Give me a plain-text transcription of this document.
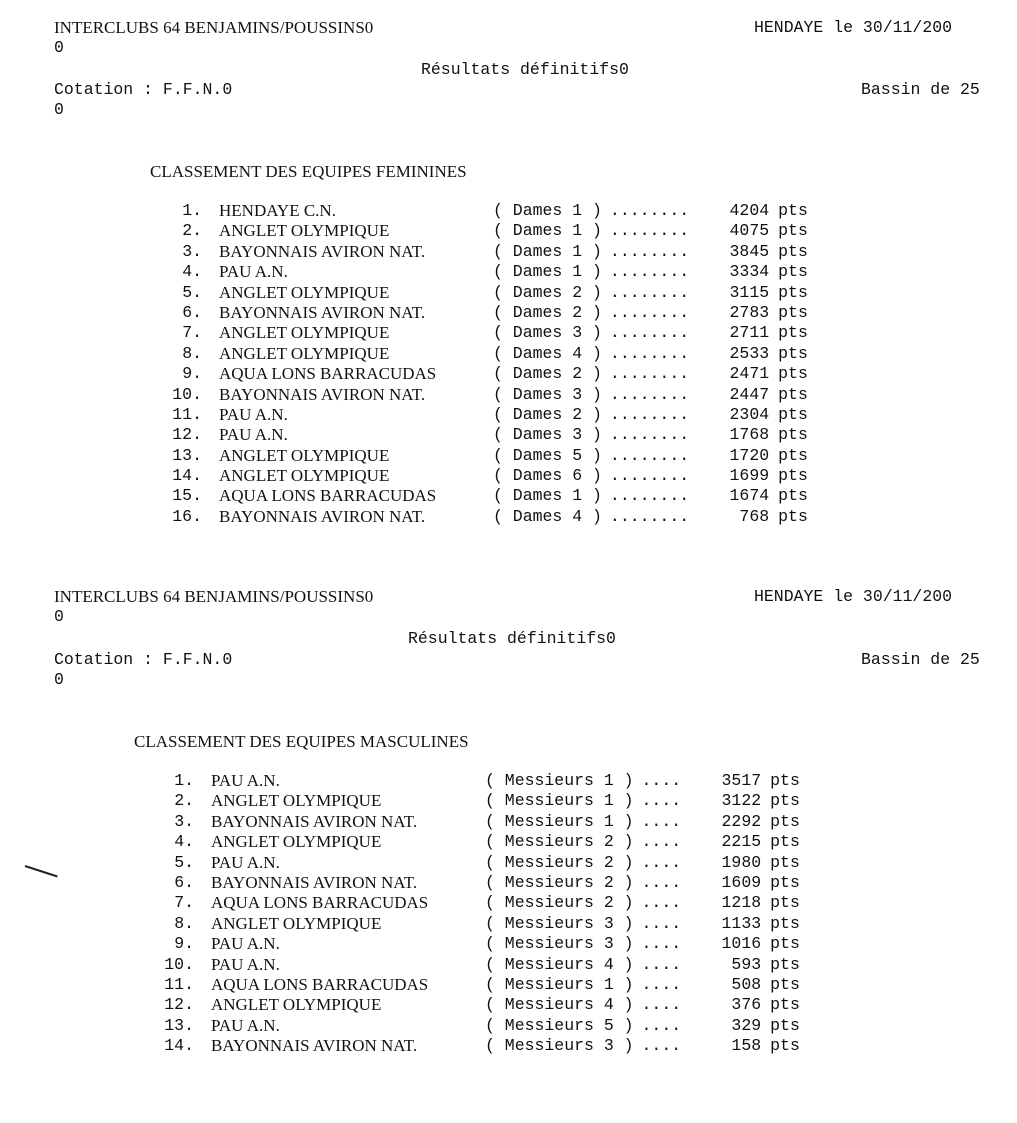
INTERCLUBS 64 BENJAMINS/POUSSINS0	HENDAYE le 30/11/200
0
Résultats définitifs0
Cotation : F.F.N.0	Bassin de 25
0
CLASSEMENT DES EQUIPES FEMININES
1.		HENDAYE C.N.	( Dames 1 )	........	4204	pts
2.		ANGLET OLYMPIQUE	( Dames 1 )	........	4075	pts
3.		BAYONNAIS AVIRON NAT.	( Dames 1 )	........	3845	pts
4.		PAU A.N.	( Dames 1 )	........	3334	pts
5.		ANGLET OLYMPIQUE	( Dames 2 )	........	3115	pts
6.		BAYONNAIS AVIRON NAT.	( Dames 2 )	........	2783	pts
7.		ANGLET OLYMPIQUE	( Dames 3 )	........	2711	pts
8.		ANGLET OLYMPIQUE	( Dames 4 )	........	2533	pts
9.		AQUA LONS BARRACUDAS	( Dames 2 )	........	2471	pts
10.		BAYONNAIS AVIRON NAT.	( Dames 3 )	........	2447	pts
11.		PAU A.N.	( Dames 2 )	........	2304	pts
12.		PAU A.N.	( Dames 3 )	........	1768	pts
13.		ANGLET OLYMPIQUE	( Dames 5 )	........	1720	pts
14.		ANGLET OLYMPIQUE	( Dames 6 )	........	1699	pts
15.		AQUA LONS BARRACUDAS	( Dames 1 )	........	1674	pts
16.		BAYONNAIS AVIRON NAT.	( Dames 4 )	........	768	pts
INTERCLUBS 64 BENJAMINS/POUSSINS0	HENDAYE le 30/11/200
0
Résultats définitifs0
Cotation : F.F.N.0	Bassin de 25
0
CLASSEMENT DES EQUIPES MASCULINES
1.		PAU A.N.	( Messieurs 1 )	....	3517	pts
2.		ANGLET OLYMPIQUE	( Messieurs 1 )	....	3122	pts
3.		BAYONNAIS AVIRON NAT.	( Messieurs 1 )	....	2292	pts
4.		ANGLET OLYMPIQUE	( Messieurs 2 )	....	2215	pts
5.		PAU A.N.	( Messieurs 2 )	....	1980	pts
6.		BAYONNAIS AVIRON NAT.	( Messieurs 2 )	....	1609	pts
7.		AQUA LONS BARRACUDAS	( Messieurs 2 )	....	1218	pts
8.		ANGLET OLYMPIQUE	( Messieurs 3 )	....	1133	pts
9.		PAU A.N.	( Messieurs 3 )	....	1016	pts
10.		PAU A.N.	( Messieurs 4 )	....	593	pts
11.		AQUA LONS BARRACUDAS	( Messieurs 1 )	....	508	pts
12.		ANGLET OLYMPIQUE	( Messieurs 4 )	....	376	pts
13.		PAU A.N.	( Messieurs 5 )	....	329	pts
14.		BAYONNAIS AVIRON NAT.	( Messieurs 3 )	....	158	pts
